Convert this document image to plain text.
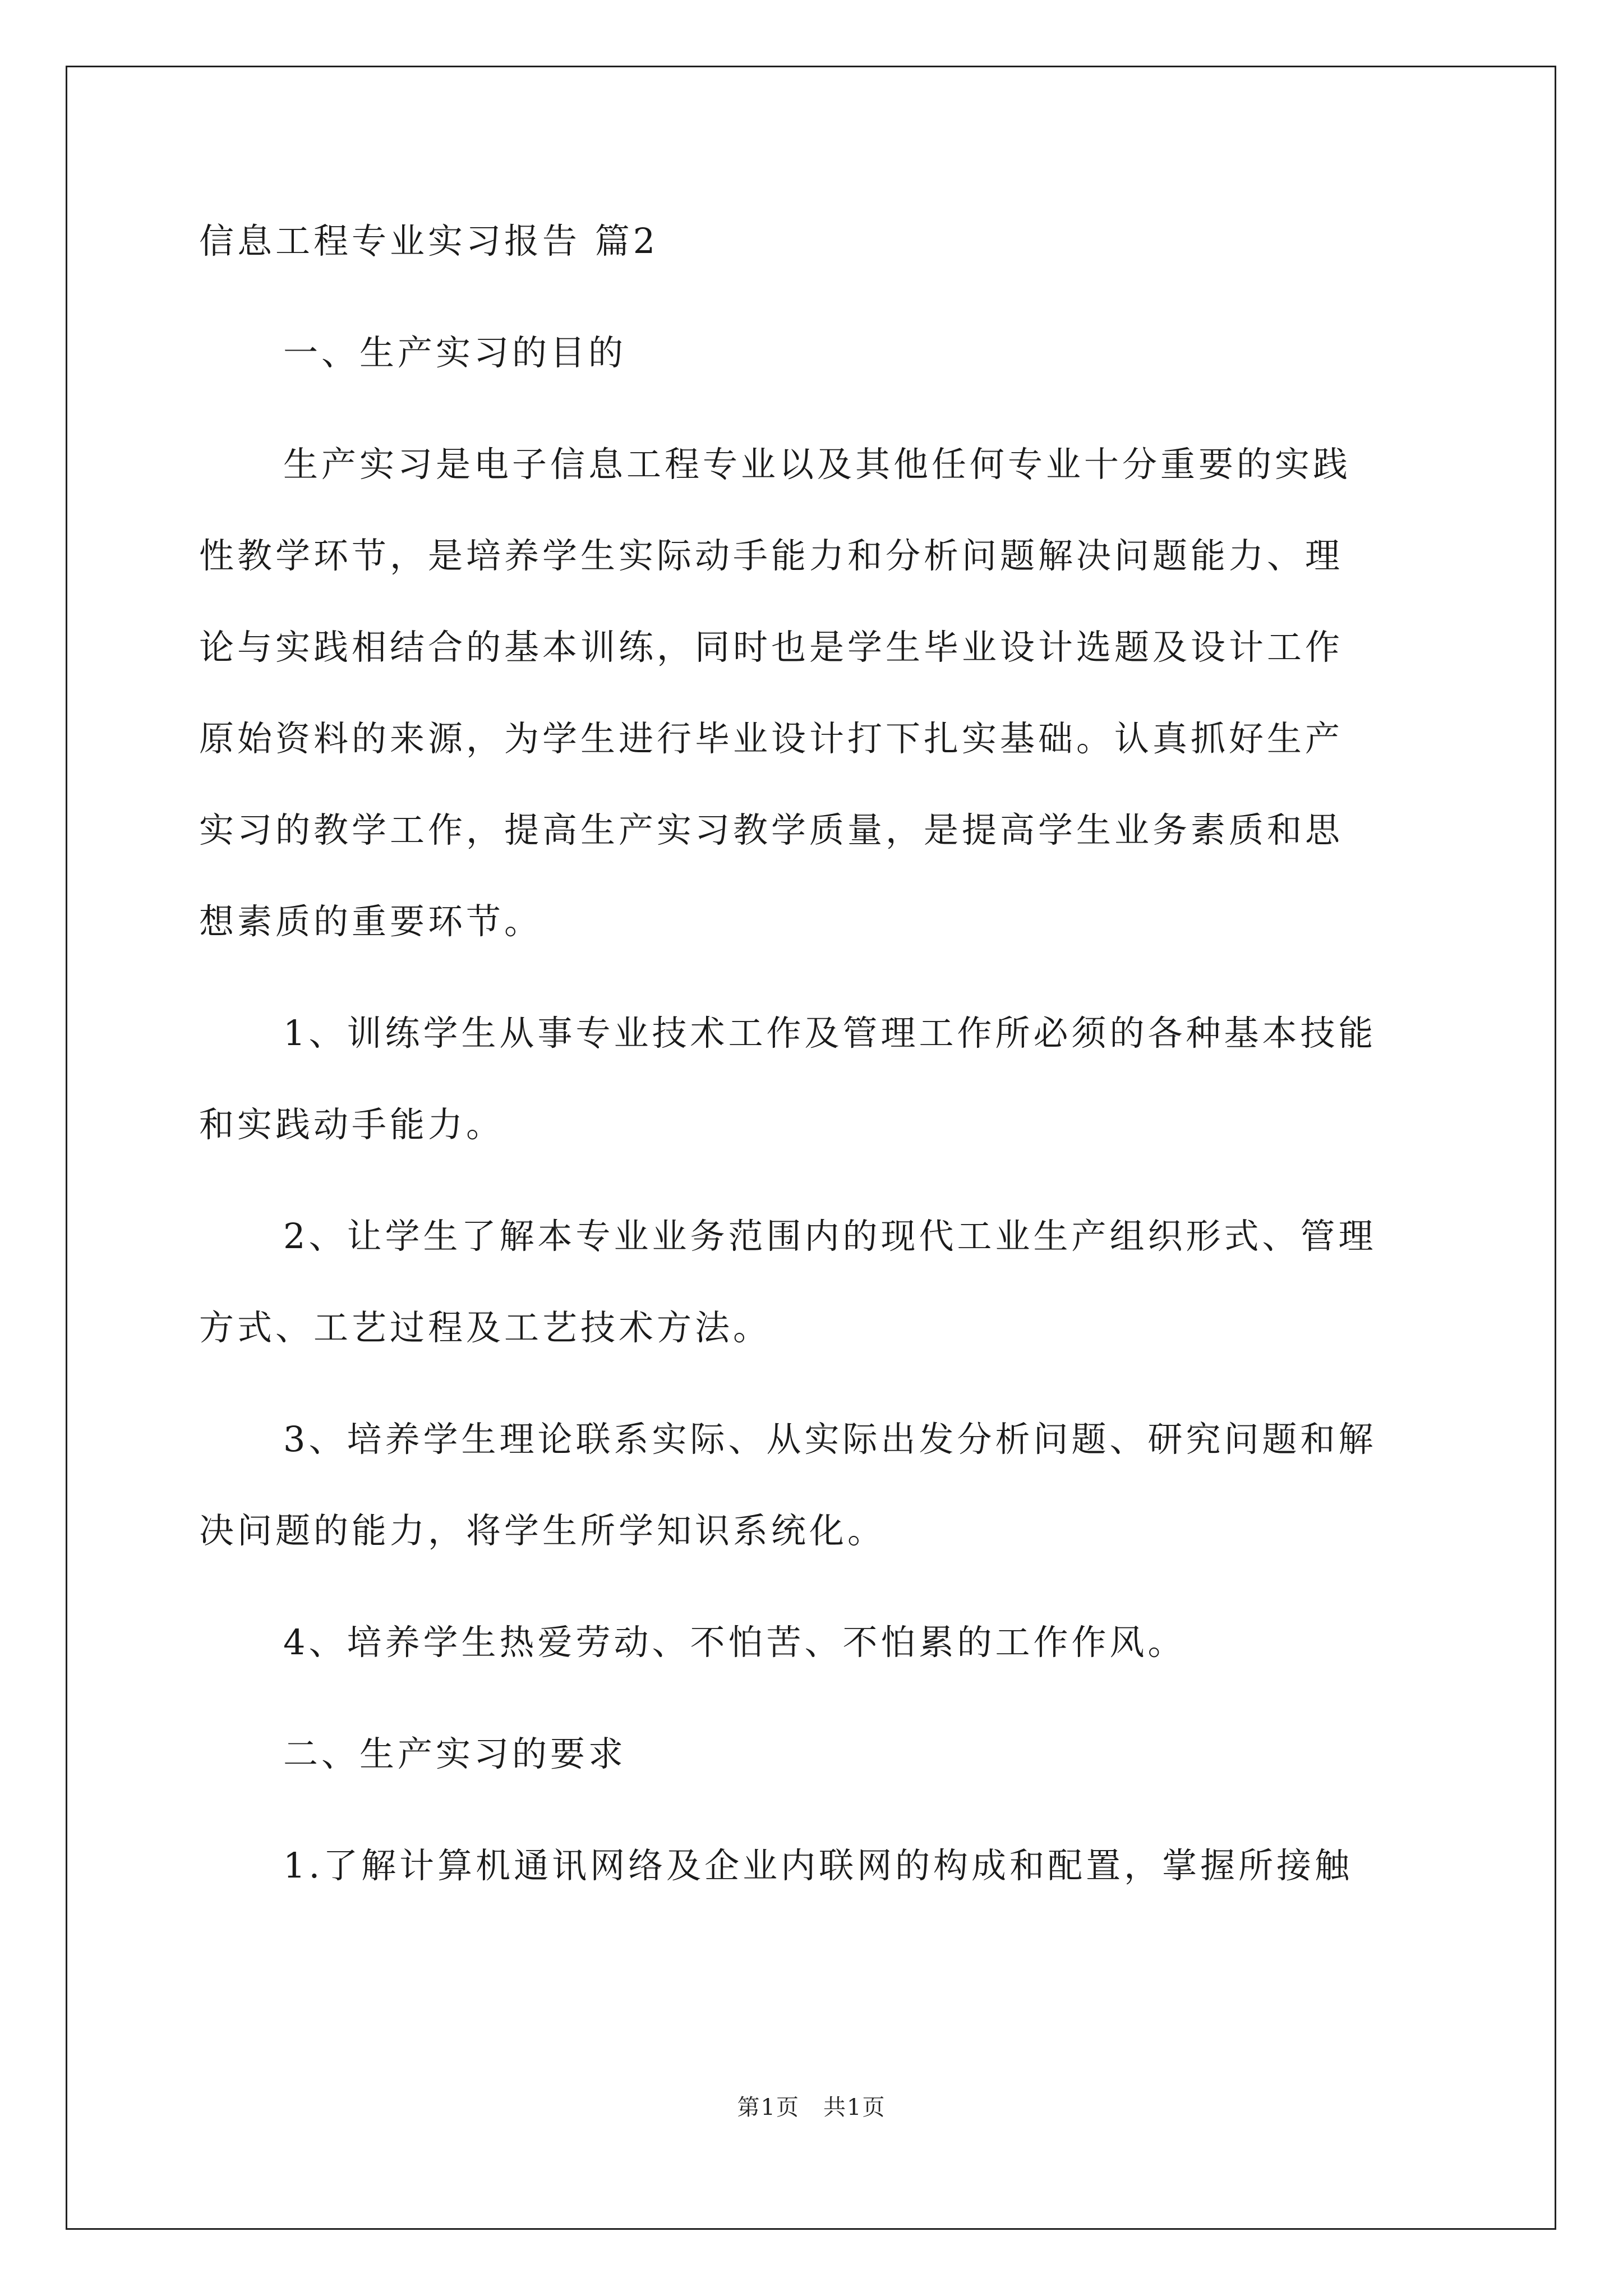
信息工程专业实习报告 篇2

一、生产实习的目的

生产实习是电子信息工程专业以及其他任何专业十分重要的实践

性教学环节，是培养学生实际动手能力和分析问题解决问题能力、理

论与实践相结合的基本训练，同时也是学生毕业设计选题及设计工作

原始资料的来源，为学生进行毕业设计打下扎实基础。认真抓好生产

实习的教学工作，提高生产实习教学质量，是提高学生业务素质和思

想素质的重要环节。

1、训练学生从事专业技术工作及管理工作所必须的各种基本技能

和实践动手能力。

2、让学生了解本专业业务范围内的现代工业生产组织形式、管理

方式、工艺过程及工艺技术方法。

3、培养学生理论联系实际、从实际出发分析问题、研究问题和解

决问题的能力，将学生所学知识系统化。

4、培养学生热爱劳动、不怕苦、不怕累的工作作风。

二、生产实习的要求

1.了解计算机通讯网络及企业内联网的构成和配置，掌握所接触

第1页　共1页
